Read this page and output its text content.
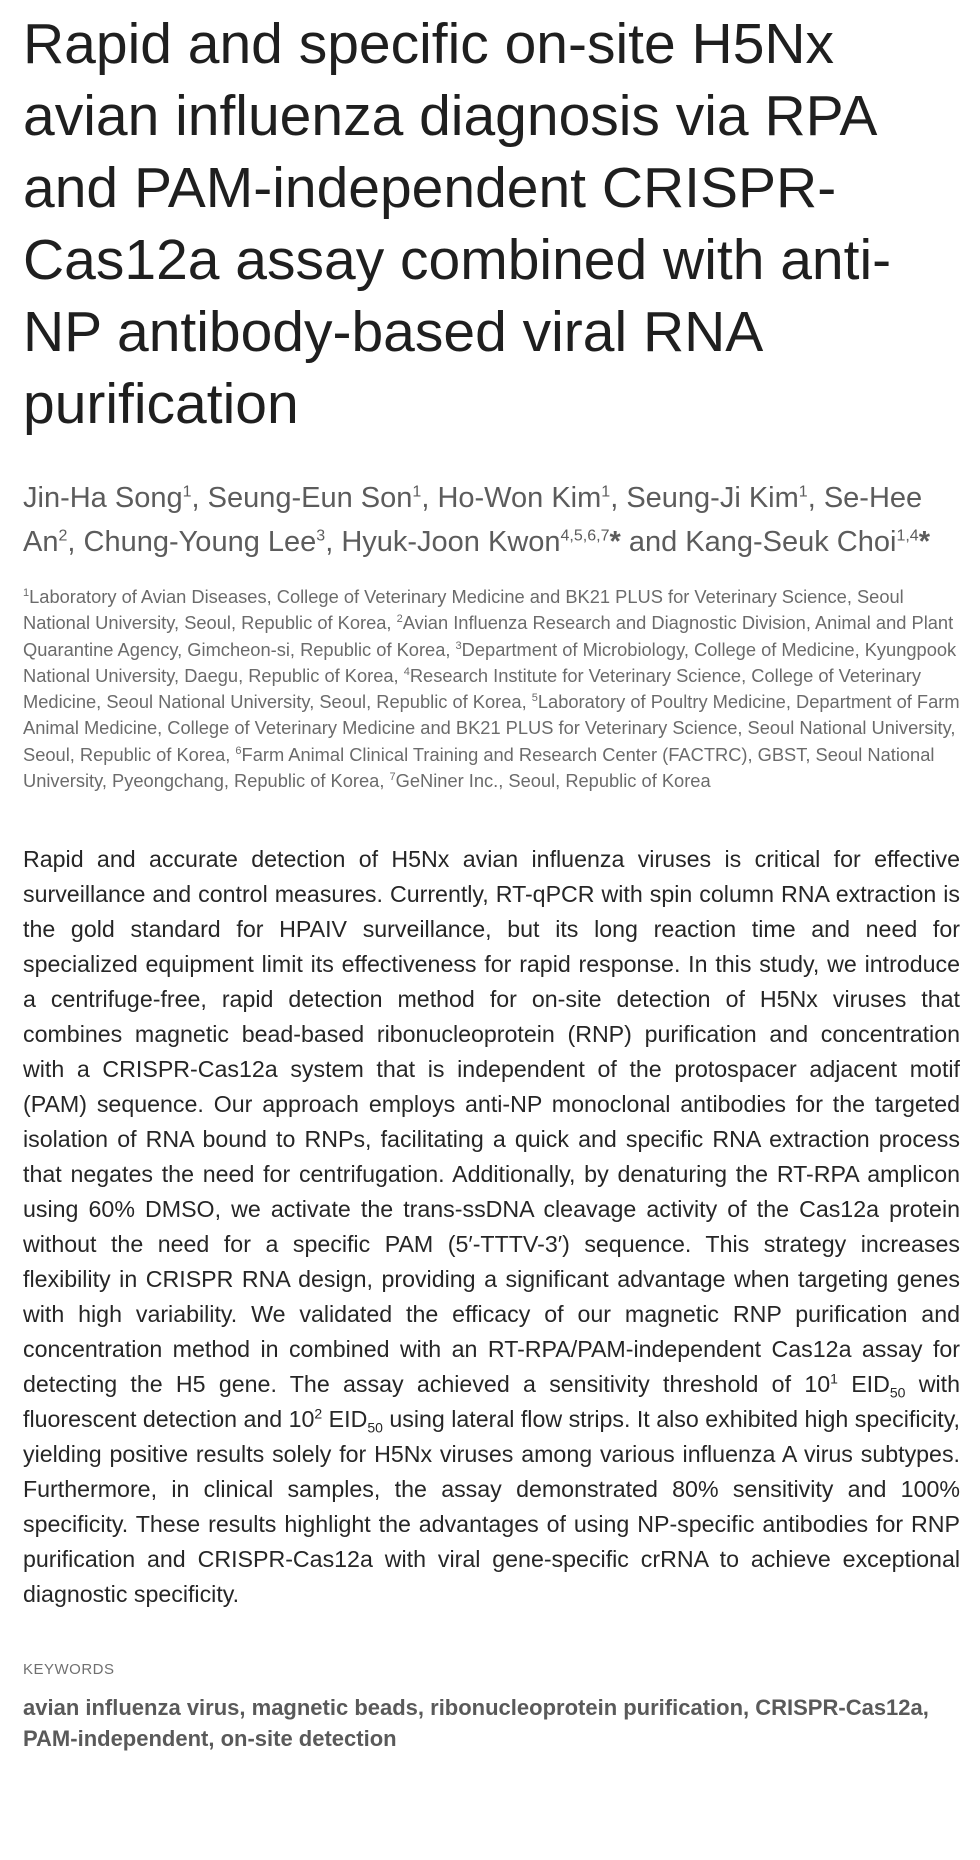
Rapid and specific on-site H5Nx avian influenza diagnosis via RPA and PAM-independent CRISPR-Cas12a assay combined with anti-NP antibody-based viral RNA purification
Jin-Ha Song$^1$, Seung-Eun Son$^1$, Ho-Won Kim$^1$, Seung-Ji Kim$^1$, Se-Hee An$^2$, Chung-Young Lee$^3$, Hyuk-Joon Kwon$^{4,5,6,7}$* and Kang-Seuk Choi$^{1,4}$*
$^1$Laboratory of Avian Diseases, College of Veterinary Medicine and BK21 PLUS for Veterinary Science, Seoul National University, Seoul, Republic of Korea, $^2$Avian Influenza Research and Diagnostic Division, Animal and Plant Quarantine Agency, Gimcheon-si, Republic of Korea, $^3$Department of Microbiology, College of Medicine, Kyungpook National University, Daegu, Republic of Korea, $^4$Research Institute for Veterinary Science, College of Veterinary Medicine, Seoul National University, Seoul, Republic of Korea, $^5$Laboratory of Poultry Medicine, Department of Farm Animal Medicine, College of Veterinary Medicine and BK21 PLUS for Veterinary Science, Seoul National University, Seoul, Republic of Korea, $^6$Farm Animal Clinical Training and Research Center (FACTRC), GBST, Seoul National University, Pyeongchang, Republic of Korea, $^7$GeNiner Inc., Seoul, Republic of Korea

Rapid and accurate detection of H5Nx avian influenza viruses is critical for effective surveillance and control measures. Currently, RT-qPCR with spin column RNA extraction is the gold standard for HPAIV surveillance, but its long reaction time and need for specialized equipment limit its effectiveness for rapid response. In this study, we introduce a centrifuge-free, rapid detection method for on-site detection of H5Nx viruses that combines magnetic bead-based ribonucleoprotein (RNP) purification and concentration with a CRISPR-Cas12a system that is independent of the protospacer adjacent motif (PAM) sequence. Our approach employs anti-NP monoclonal antibodies for the targeted isolation of RNA bound to RNPs, facilitating a quick and specific RNA extraction process that negates the need for centrifugation. Additionally, by denaturing the RT-RPA amplicon using 60% DMSO, we activate the trans-ssDNA cleavage activity of the Cas12a protein without the need for a specific PAM (5′-TTTV-3′) sequence. This strategy increases flexibility in CRISPR RNA design, providing a significant advantage when targeting genes with high variability. We validated the efficacy of our magnetic RNP purification and concentration method in combined with an RT-RPA/PAM-independent Cas12a assay for detecting the H5 gene. The assay achieved a sensitivity threshold of $10^1$ $EID_{50}$ with fluorescent detection and $10^2$ $EID_{50}$ using lateral flow strips. It also exhibited high specificity, yielding positive results solely for H5Nx viruses among various influenza A virus subtypes. Furthermore, in clinical samples, the assay demonstrated 80% sensitivity and 100% specificity. These results highlight the advantages of using NP-specific antibodies for RNP purification and CRISPR-Cas12a with viral gene-specific crRNA to achieve exceptional diagnostic specificity.

KEYWORDS
avian influenza virus, magnetic beads, ribonucleoprotein purification, CRISPR-Cas12a, PAM-independent, on-site detection
